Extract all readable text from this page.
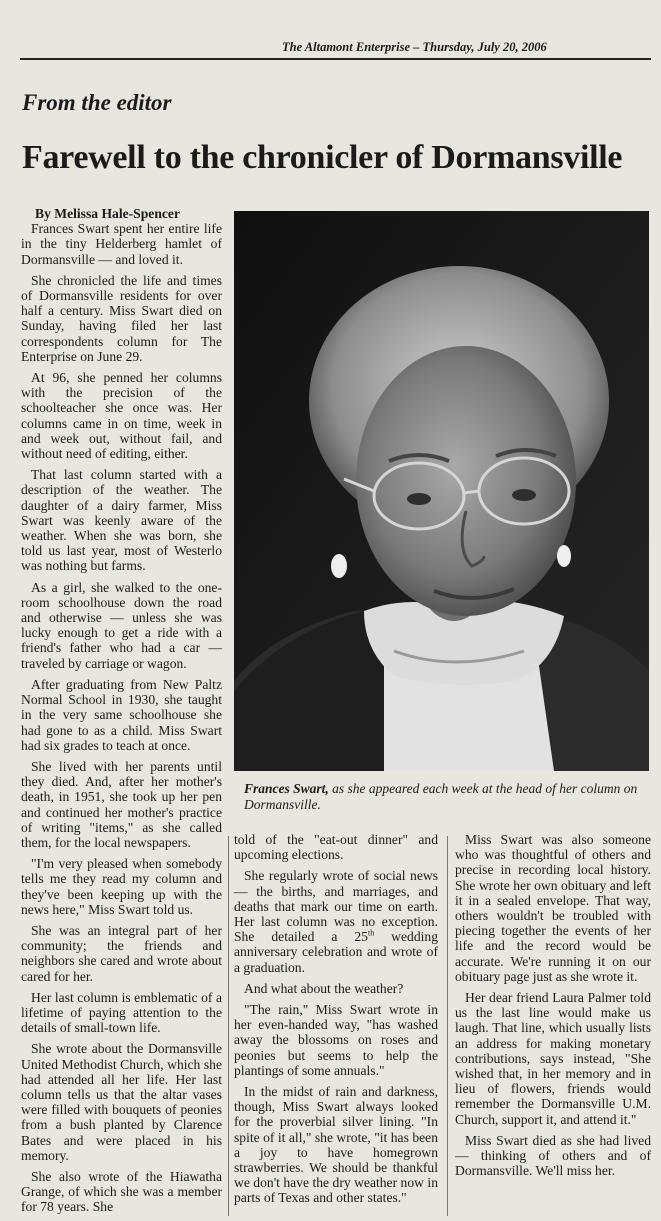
The Altamont Enterprise – Thursday, July 20, 2006
From the editor
Farewell to the chronicler of Dormansville
Frances Swart, as she appeared each week at the head of her column on Dormansville.

By Melissa Hale-Spencer

Frances Swart spent her entire life in the tiny Helderberg hamlet of Dormansville — and loved it.

She chronicled the life and times of Dormansville residents for over half a century. Miss Swart died on Sunday, having filed her last correspondents column for The Enterprise on June 29.

At 96, she penned her columns with the precision of the schoolteacher she once was. Her columns came in on time, week in and week out, without fail, and without need of editing, either.

That last column started with a description of the weather. The daughter of a dairy farmer, Miss Swart was keenly aware of the weather. When she was born, she told us last year, most of Westerlo was nothing but farms.

As a girl, she walked to the one-room schoolhouse down the road and otherwise — unless she was lucky enough to get a ride with a friend's father who had a car — traveled by carriage or wagon.

After graduating from New Paltz Normal School in 1930, she taught in the very same schoolhouse she had gone to as a child. Miss Swart had six grades to teach at once.

She lived with her parents until they died. And, after her mother's death, in 1951, she took up her pen and continued her mother's practice of writing "items," as she called them, for the local newspapers.

"I'm very pleased when somebody tells me they read my column and they've been keeping up with the news here," Miss Swart told us.

She was an integral part of her community; the friends and neighbors she cared and wrote about cared for her.

Her last column is emblematic of a lifetime of paying attention to the details of small-town life.

She wrote about the Dormansville United Methodist Church, which she had attended all her life. Her last column tells us that the altar vases were filled with bouquets of peonies from a bush planted by Clarence Bates and were placed in his memory.

She also wrote of the Hiawatha Grange, of which she was a member for 78 years. She

told of the "eat-out dinner" and upcoming elections.

She regularly wrote of social news — the births, and marriages, and deaths that mark our time on earth. Her last column was no exception. She detailed a 25th wedding anniversary celebration and wrote of a graduation.

And what about the weather?

"The rain," Miss Swart wrote in her even-handed way, "has washed away the blossoms on roses and peonies but seems to help the plantings of some annuals."

In the midst of rain and darkness, though, Miss Swart always looked for the proverbial silver lining. "In spite of it all," she wrote, "it has been a joy to have homegrown strawberries. We should be thankful we don't have the dry weather now in parts of Texas and other states."

Miss Swart was also someone who was thoughtful of others and precise in recording local history. She wrote her own obituary and left it in a sealed envelope. That way, others wouldn't be troubled with piecing together the events of her life and the record would be accurate. We're running it on our obituary page just as she wrote it.

Her dear friend Laura Palmer told us the last line would make us laugh. That line, which usually lists an address for making monetary contributions, says instead, "She wished that, in her memory and in lieu of flowers, friends would remember the Dormansville U.M. Church, support it, and attend it."

Miss Swart died as she had lived — thinking of others and of Dormansville. We'll miss her.
